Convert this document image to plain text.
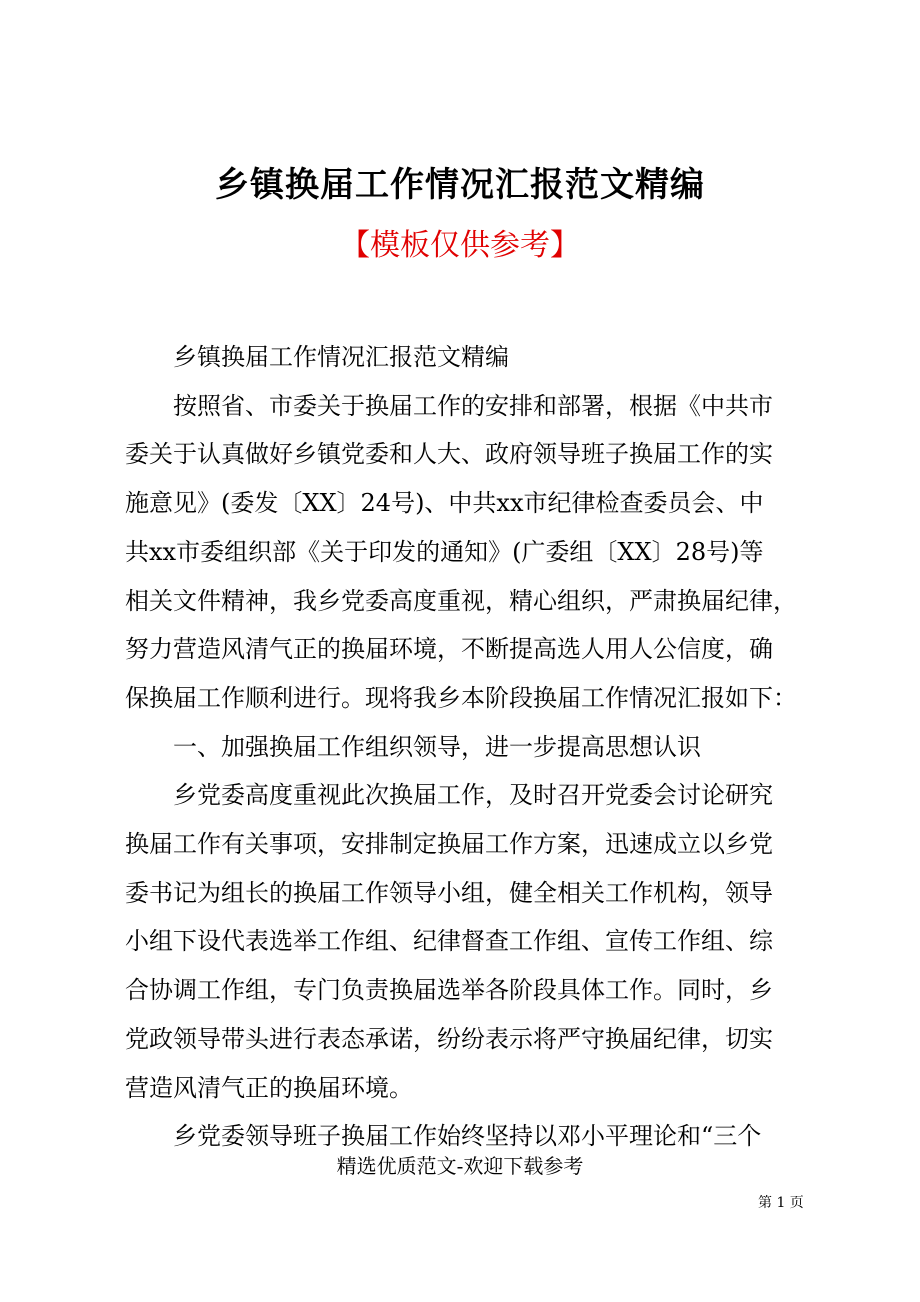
乡镇换届工作情况汇报范文精编
【模板仅供参考】

乡镇换届工作情况汇报范文精编

按照省、市委关于换届工作的安排和部署，根据《中共市
委关于认真做好乡镇党委和人大、政府领导班子换届工作的实
施意见》(委发〔XX〕24号)、中共xx市纪律检查委员会、中
共xx市委组织部《关于印发的通知》(广委组〔XX〕28号)等
相关文件精神，我乡党委高度重视，精心组织，严肃换届纪律，
努力营造风清气正的换届环境，不断提高选人用人公信度，确
保换届工作顺利进行。现将我乡本阶段换届工作情况汇报如下：

一、加强换届工作组织领导，进一步提高思想认识

乡党委高度重视此次换届工作，及时召开党委会讨论研究
换届工作有关事项，安排制定换届工作方案，迅速成立以乡党
委书记为组长的换届工作领导小组，健全相关工作机构，领导
小组下设代表选举工作组、纪律督查工作组、宣传工作组、综
合协调工作组，专门负责换届选举各阶段具体工作。同时，乡
党政领导带头进行表态承诺，纷纷表示将严守换届纪律，切实
营造风清气正的换届环境。

乡党委领导班子换届工作始终坚持以邓小平理论和“三个

精选优质范文-欢迎下载参考
第 1 页
